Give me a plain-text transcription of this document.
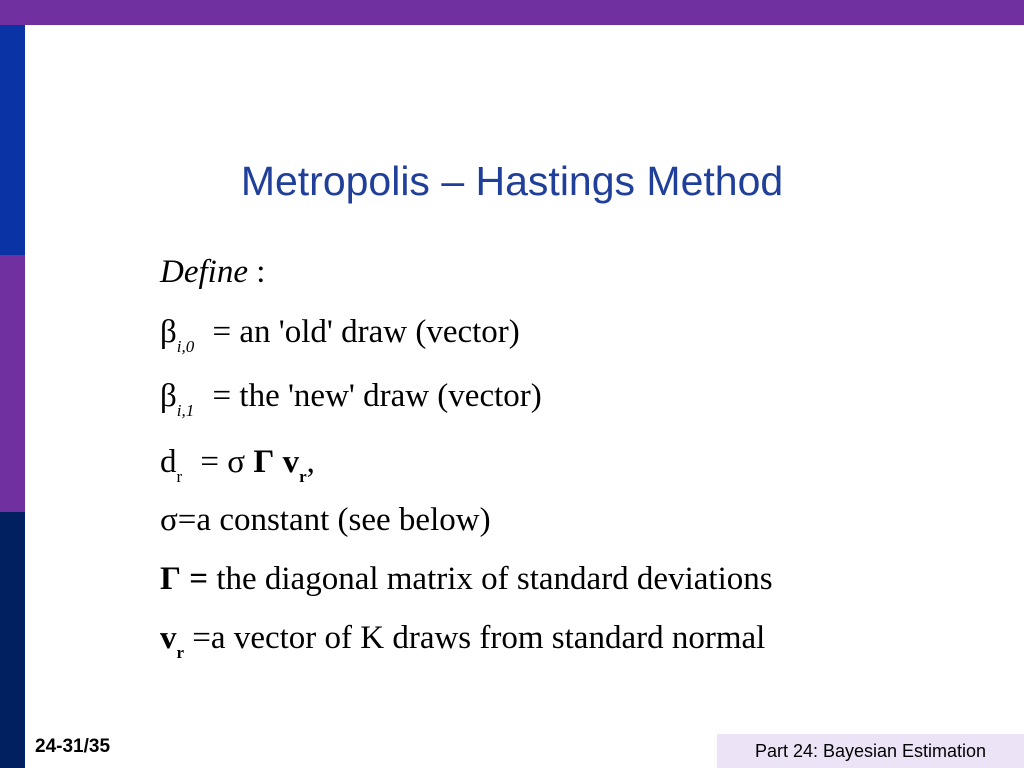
Metropolis – Hastings Method
Define :
$\beta_{i,0}$ = an 'old' draw (vector)
$\beta_{i,1}$ = the 'new' draw (vector)
$d_r = \sigma$ Γ $v_r$,
σ=a constant (see below)
Γ = the diagonal matrix of standard deviations
$v_r =a$ vector of K draws from standard normal
24-31/35	Part 24: Bayesian Estimation
